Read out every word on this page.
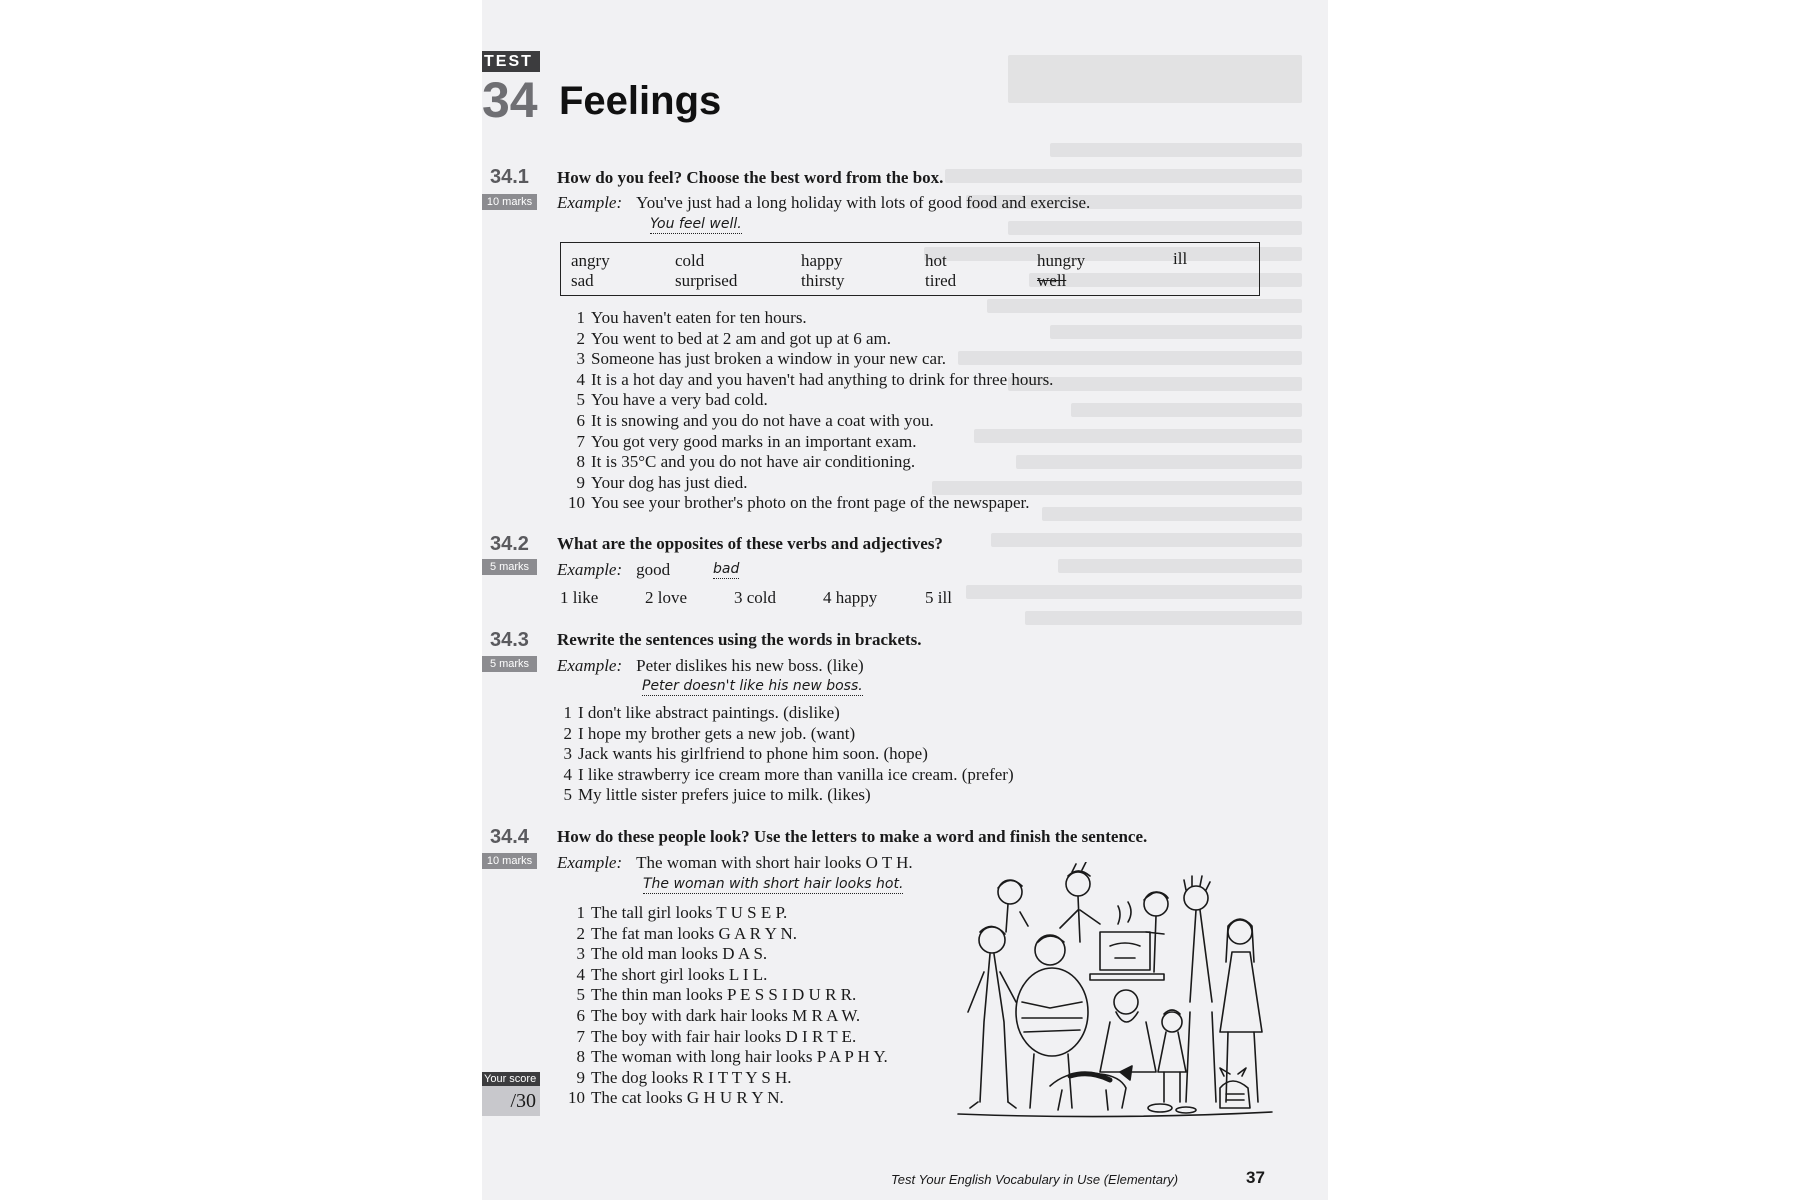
TEST
34 Feelings
34.1
10 marks
How do you feel? Choose the best word from the box.
Example: You've just had a long holiday with lots of good food and exercise.
You feel well.
angry	cold	happy	hot	hungry	ill
sad	surprised	thirsty	tired	well
1 You haven't eaten for ten hours.
2 You went to bed at 2 am and got up at 6 am.
3 Someone has just broken a window in your new car.
4 It is a hot day and you haven't had anything to drink for three hours.
5 You have a very bad cold.
6 It is snowing and you do not have a coat with you.
7 You got very good marks in an important exam.
8 It is 35°C and you do not have air conditioning.
9 Your dog has just died.
10 You see your brother's photo on the front page of the newspaper.
34.2
5 marks
What are the opposites of these verbs and adjectives?
Example: good	bad
1 like	2 love	3 cold	4 happy	5 ill
34.3
5 marks
Rewrite the sentences using the words in brackets.
Example: Peter dislikes his new boss. (like)
Peter doesn't like his new boss.
1 I don't like abstract paintings. (dislike)
2 I hope my brother gets a new job. (want)
3 Jack wants his girlfriend to phone him soon. (hope)
4 I like strawberry ice cream more than vanilla ice cream. (prefer)
5 My little sister prefers juice to milk. (likes)
34.4
10 marks
How do these people look? Use the letters to make a word and finish the sentence.
Example: The woman with short hair looks O T H.
The woman with short hair looks hot.
1 The tall girl looks T U S E P.
2 The fat man looks G A R Y N.
3 The old man looks D A S.
4 The short girl looks L I L.
5 The thin man looks P E S S I D U R R.
6 The boy with dark hair looks M R A W.
7 The boy with fair hair looks D I R T E.
8 The woman with long hair looks P A P H Y.
9 The dog looks R I T T Y S H.
10 The cat looks G H U R Y N.
Your score
/30
Test Your English Vocabulary in Use (Elementary)	37
